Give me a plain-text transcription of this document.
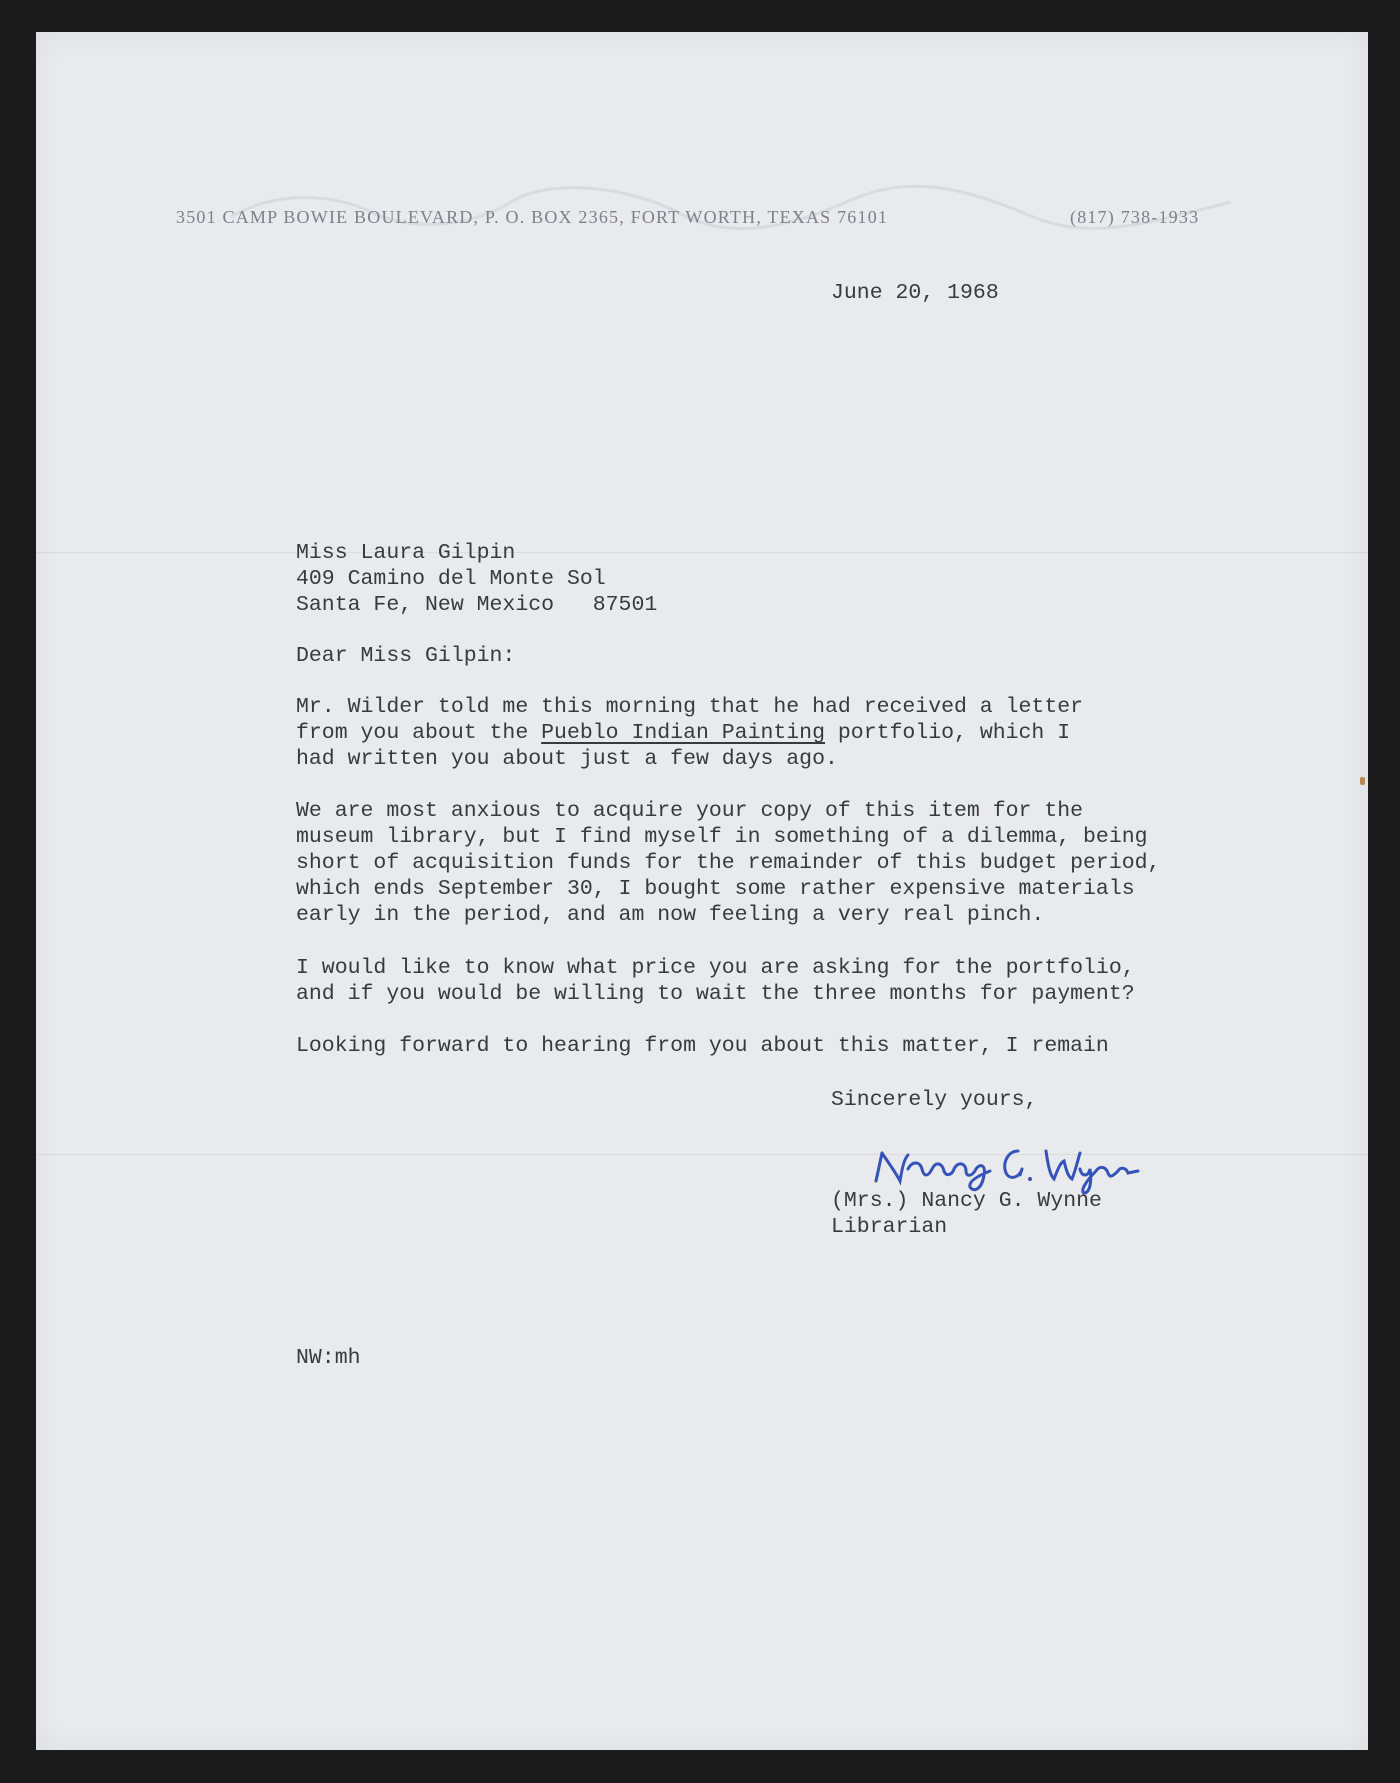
3501 CAMP BOWIE BOULEVARD, P. O. BOX 2365, FORT WORTH, TEXAS 76101	(817) 738-1933
June 20, 1968
Miss Laura Gilpin
409 Camino del Monte Sol
Santa Fe, New Mexico   87501
Dear Miss Gilpin:
Mr. Wilder told me this morning that he had received a letter
from you about the Pueblo Indian Painting portfolio, which I
had written you about just a few days ago.
We are most anxious to acquire your copy of this item for the
museum library, but I find myself in something of a dilemma, being
short of acquisition funds for the remainder of this budget period,
which ends September 30, I bought some rather expensive materials
early in the period, and am now feeling a very real pinch.
I would like to know what price you are asking for the portfolio,
and if you would be willing to wait the three months for payment?
Looking forward to hearing from you about this matter, I remain
Sincerely yours,
(Mrs.) Nancy G. Wynne
Librarian
NW:mh
